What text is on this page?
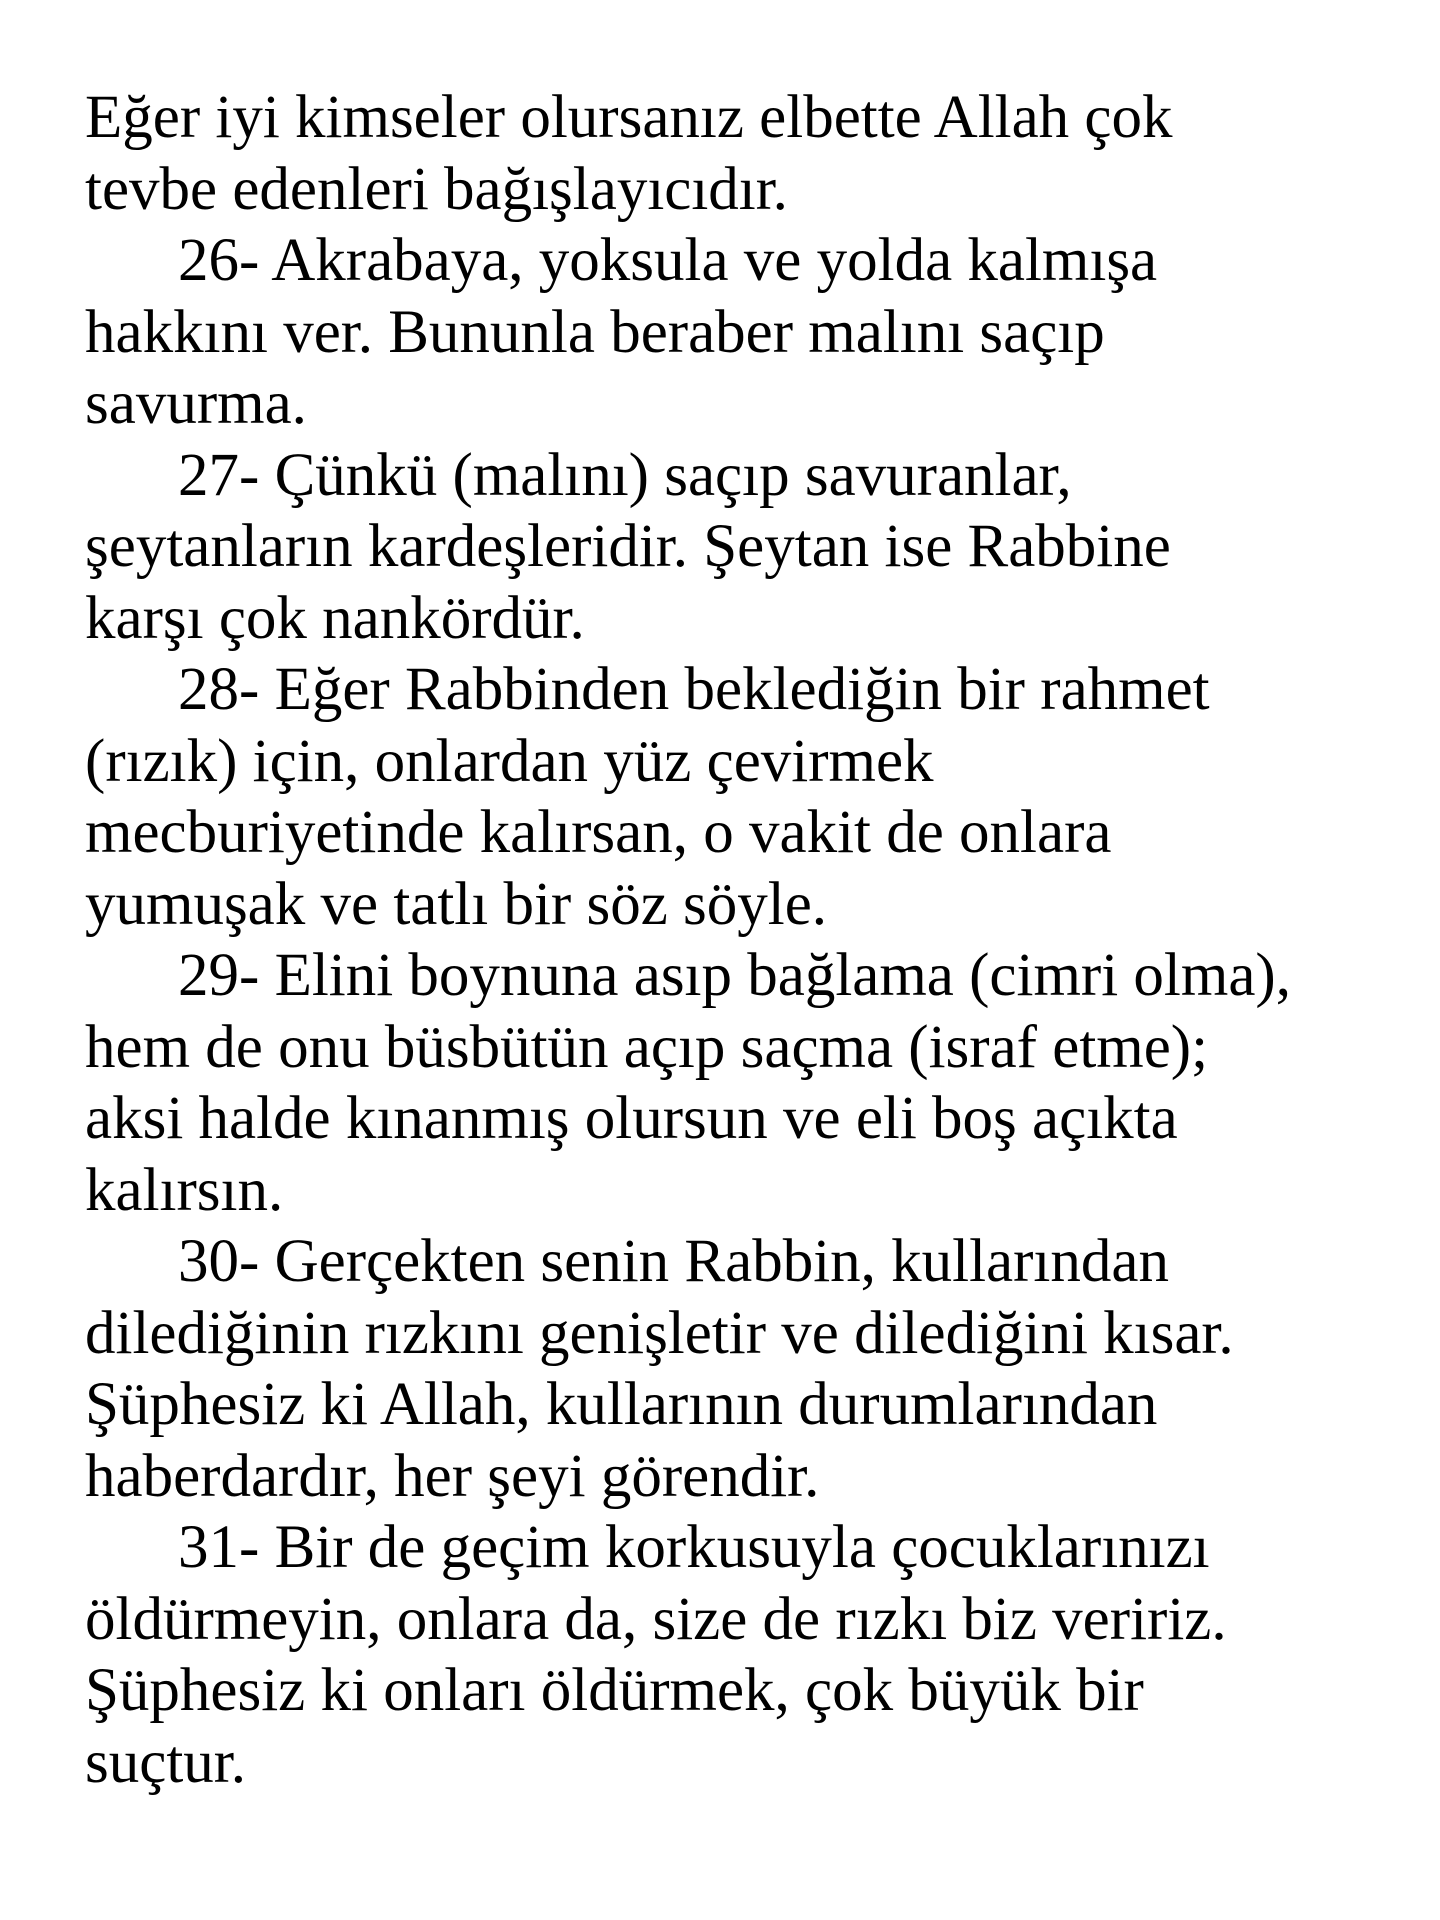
Eğer iyi kimseler olursanız elbette Allah çok
tevbe edenleri bağışlayıcıdır.
26- Akrabaya, yoksula ve yolda kalmışa
hakkını ver. Bununla beraber malını saçıp
savurma.
27- Çünkü (malını) saçıp savuranlar,
şeytanların kardeşleridir. Şeytan ise Rabbine
karşı çok nankördür.
28- Eğer Rabbinden beklediğin bir rahmet
(rızık) için, onlardan yüz çevirmek
mecburiyetinde kalırsan, o vakit de onlara
yumuşak ve tatlı bir söz söyle.
29- Elini boynuna asıp bağlama (cimri olma),
hem de onu büsbütün açıp saçma (israf etme);
aksi halde kınanmış olursun ve eli boş açıkta
kalırsın.
30- Gerçekten senin Rabbin, kullarından
dilediğinin rızkını genişletir ve dilediğini kısar.
Şüphesiz ki Allah, kullarının durumlarından
haberdardır, her şeyi görendir.
31- Bir de geçim korkusuyla çocuklarınızı
öldürmeyin, onlara da, size de rızkı biz veririz.
Şüphesiz ki onları öldürmek, çok büyük bir
suçtur.
